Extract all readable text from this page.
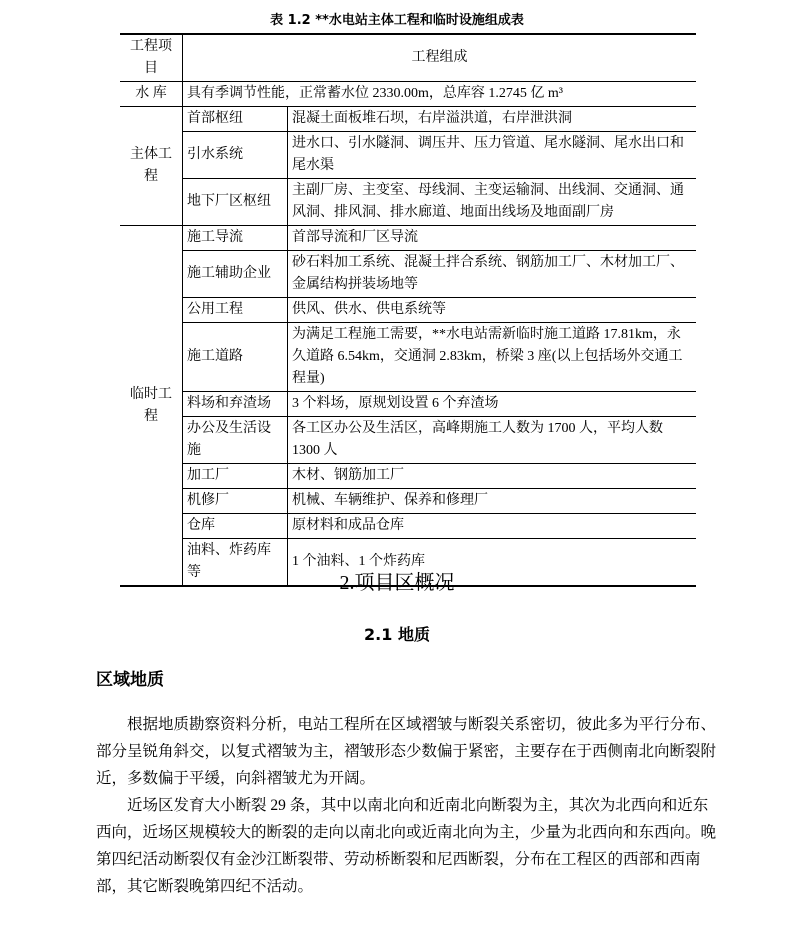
表 1.2 **水电站主体工程和临时设施组成表
工程项目	工程组成	
水 库	具有季调节性能，正常蓄水位 2330.00m，总库容 1.2745 亿 m³	
主体工程	首部枢纽	混凝土面板堆石坝，右岸溢洪道，右岸泄洪洞
	引水系统	进水口、引水隧洞、调压井、压力管道、尾水隧洞、尾水出口和尾水渠
	地下厂区枢纽	主副厂房、主变室、母线洞、主变运输洞、出线洞、交通洞、通风洞、排风洞、排水廊道、地面出线场及地面副厂房
临时工程	施工导流	首部导流和厂区导流
	施工辅助企业	砂石料加工系统、混凝土拌合系统、钢筋加工厂、木材加工厂、金属结构拼装场地等
	公用工程	供风、供水、供电系统等
	施工道路	为满足工程施工需要，**水电站需新临时施工道路 17.81km，永久道路 6.54km，交通洞 2.83km，桥梁 3 座(以上包括场外交通工程量)
	料场和弃渣场	3 个料场，原规划设置 6 个弃渣场
	办公及生活设施	各工区办公及生活区，高峰期施工人数为 1700 人，平均人数 1300 人
	加工厂	木材、钢筋加工厂
	机修厂	机械、车辆维护、保养和修理厂
	仓库	原材料和成品仓库
	油料、炸药库等	1 个油料、1 个炸药库
2.项目区概况
2.1 地质
区域地质

根据地质勘察资料分析，电站工程所在区域褶皱与断裂关系密切，彼此多为平行分布、部分呈锐角斜交，以复式褶皱为主，褶皱形态少数偏于紧密，主要存在于西侧南北向断裂附近，多数偏于平缓，向斜褶皱尤为开阔。

近场区发育大小断裂 29 条，其中以南北向和近南北向断裂为主，其次为北西向和近东西向，近场区规模较大的断裂的走向以南北向或近南北向为主，少量为北西向和东西向。晚第四纪活动断裂仅有金沙江断裂带、劳动桥断裂和尼西断裂，分布在工程区的西部和西南部，其它断裂晚第四纪不活动。
